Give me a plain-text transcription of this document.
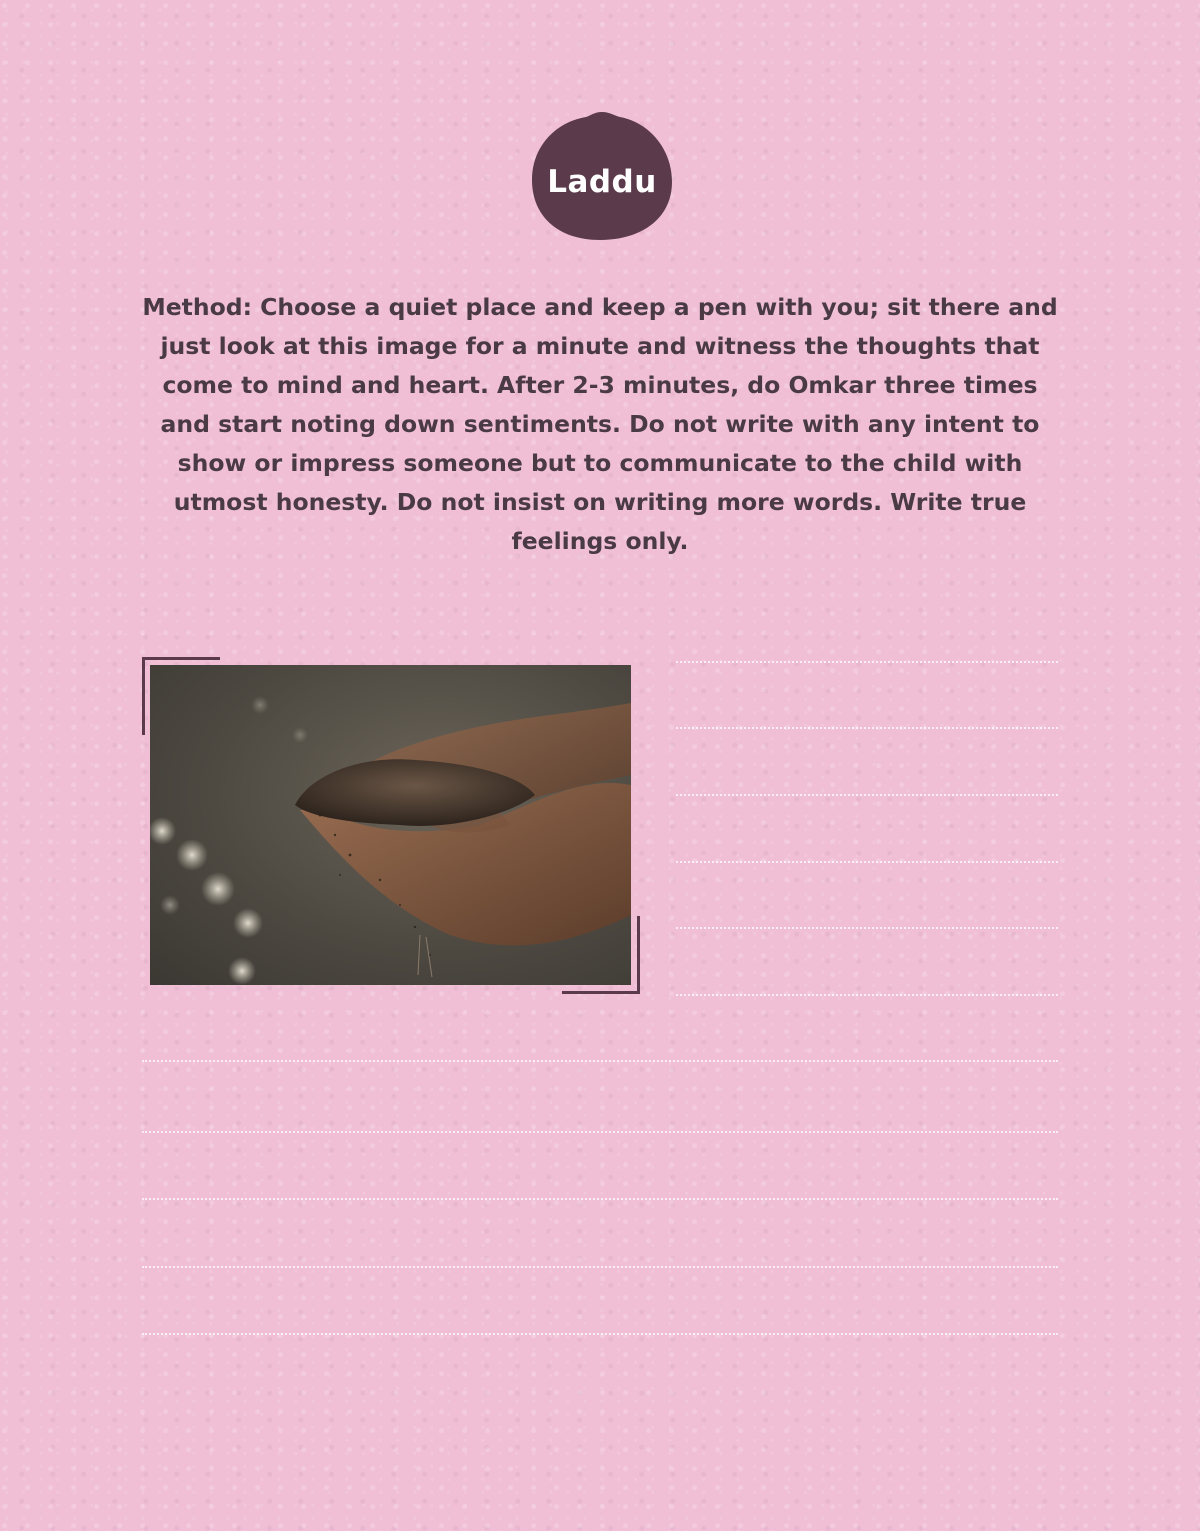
Laddu

Method: Choose a quiet place and keep a pen with you; sit there and just look at this image for a minute and witness the thoughts that come to mind and heart. After 2-3 minutes, do Omkar three times and start noting down sentiments. Do not write with any intent to show or impress someone but to communicate to the child with utmost honesty. Do not insist on writing more words. Write true feelings only.
